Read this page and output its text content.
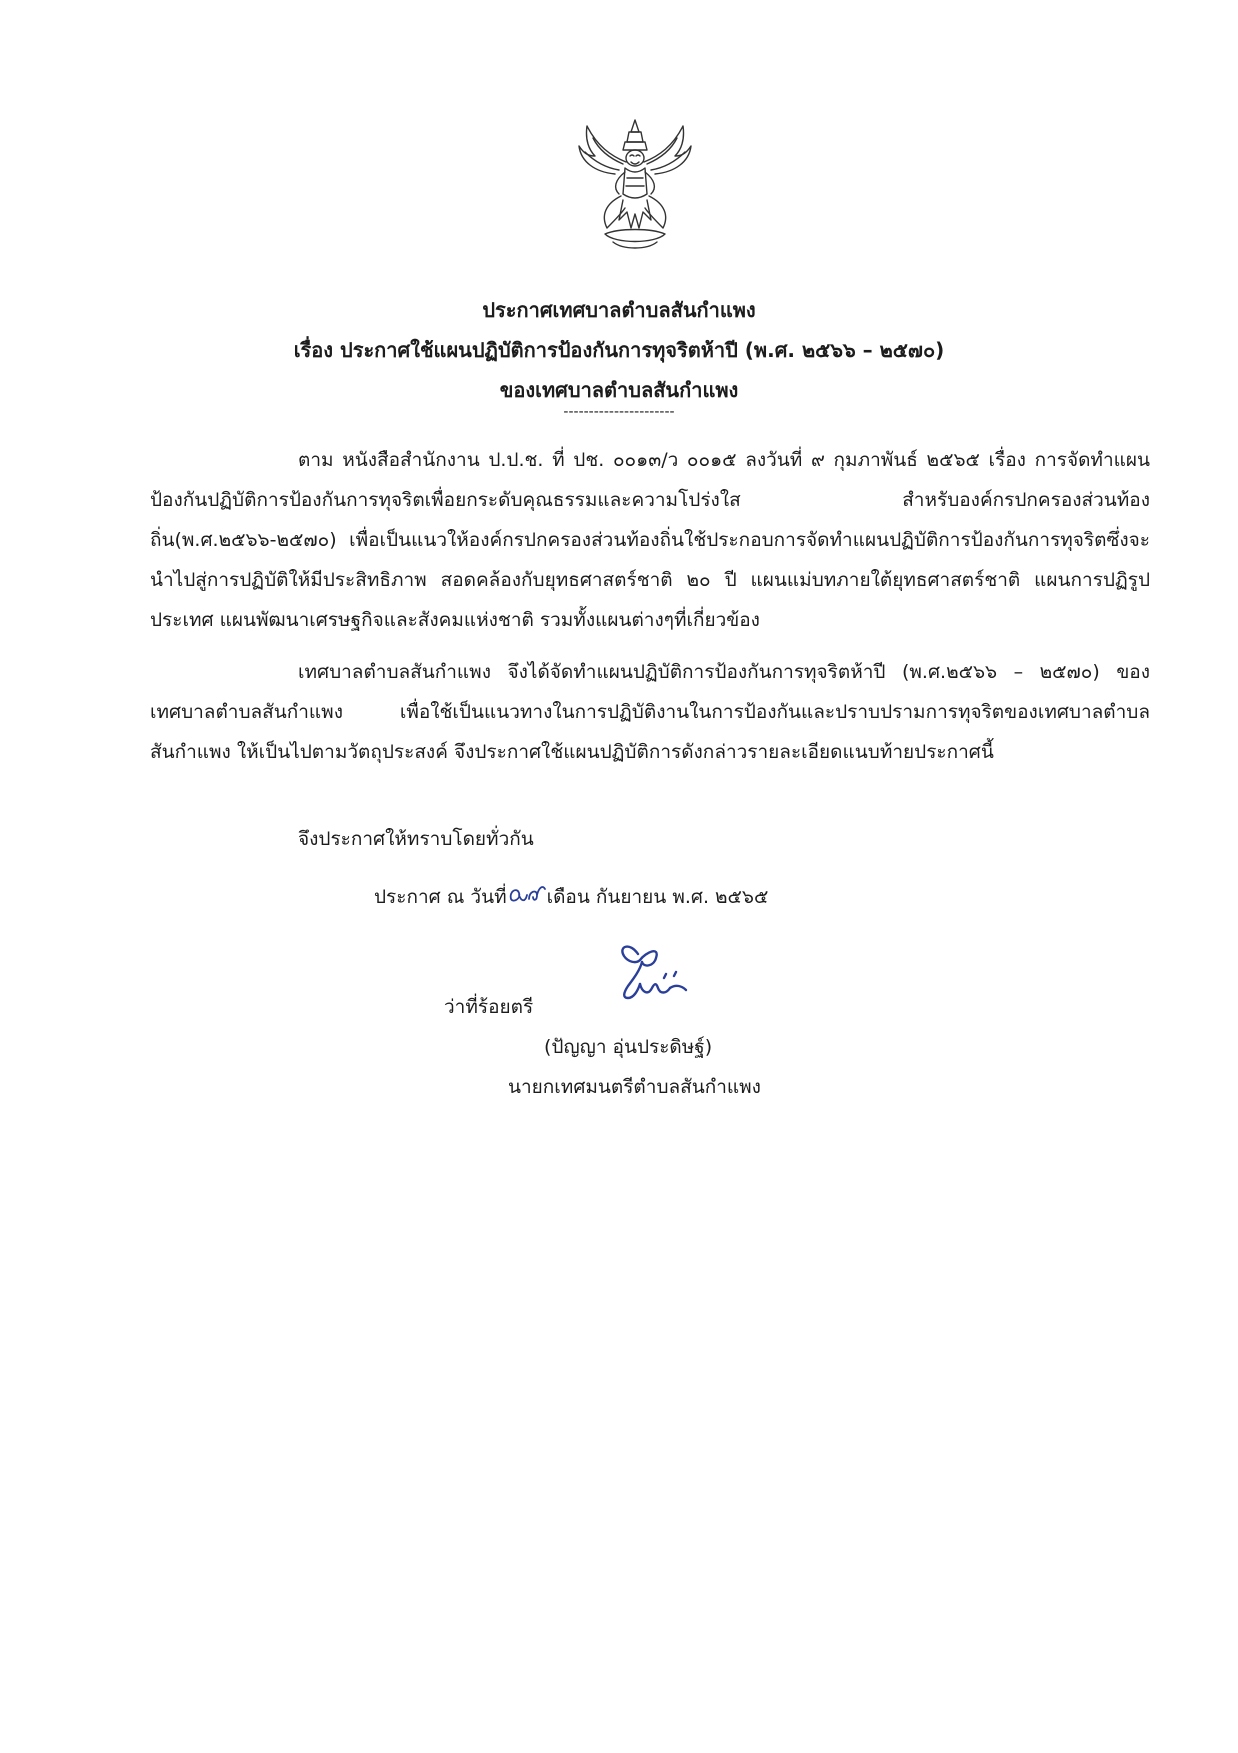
ประกาศเทศบาลตำบลสันกำแพง
เรื่อง ประกาศใช้แผนปฏิบัติการป้องกันการทุจริตห้าปี (พ.ศ. ๒๕๖๖ – ๒๕๗๐)
ของเทศบาลตำบลสันกำแพง
----------------------

ตาม หนังสือสำนักงาน ป.ป.ช. ที่ ปช. ๐๐๑๓/ว ๐๐๑๕ ลงวันที่ ๙ กุมภาพันธ์ ๒๕๖๕ เรื่อง การจัดทำแผนป้องกันปฏิบัติการป้องกันการทุจริตเพื่อยกระดับคุณธรรมและความโปร่งใส สำหรับองค์กรปกครองส่วนท้องถิ่น(พ.ศ.๒๕๖๖-๒๕๗๐) เพื่อเป็นแนวให้องค์กรปกครองส่วนท้องถิ่นใช้ประกอบการจัดทำแผนปฏิบัติการป้องกันการทุจริตซึ่งจะนำไปสู่การปฏิบัติให้มีประสิทธิภาพ สอดคล้องกับยุทธศาสตร์ชาติ ๒๐ ปี แผนแม่บทภายใต้ยุทธศาสตร์ชาติ แผนการปฏิรูปประเทศ แผนพัฒนาเศรษฐกิจและสังคมแห่งชาติ รวมทั้งแผนต่างๆที่เกี่ยวข้อง

เทศบาลตำบลสันกำแพง จึงได้จัดทำแผนปฏิบัติการป้องกันการทุจริตห้าปี (พ.ศ.๒๕๖๖ – ๒๕๗๐) ของเทศบาลตำบลสันกำแพง เพื่อใช้เป็นแนวทางในการปฏิบัติงานในการป้องกันและปราบปรามการทุจริตของเทศบาลตำบลสันกำแพง ให้เป็นไปตามวัตถุประสงค์ จึงประกาศใช้แผนปฏิบัติการดังกล่าวรายละเอียดแนบท้ายประกาศนี้

จึงประกาศให้ทราบโดยทั่วกัน
ประกาศ ณ วันที่ เดือน กันยายน พ.ศ. ๒๕๖๕
ว่าที่ร้อยตรี
(ปัญญา อุ่นประดิษฐ์)
นายกเทศมนตรีตำบลสันกำแพง
